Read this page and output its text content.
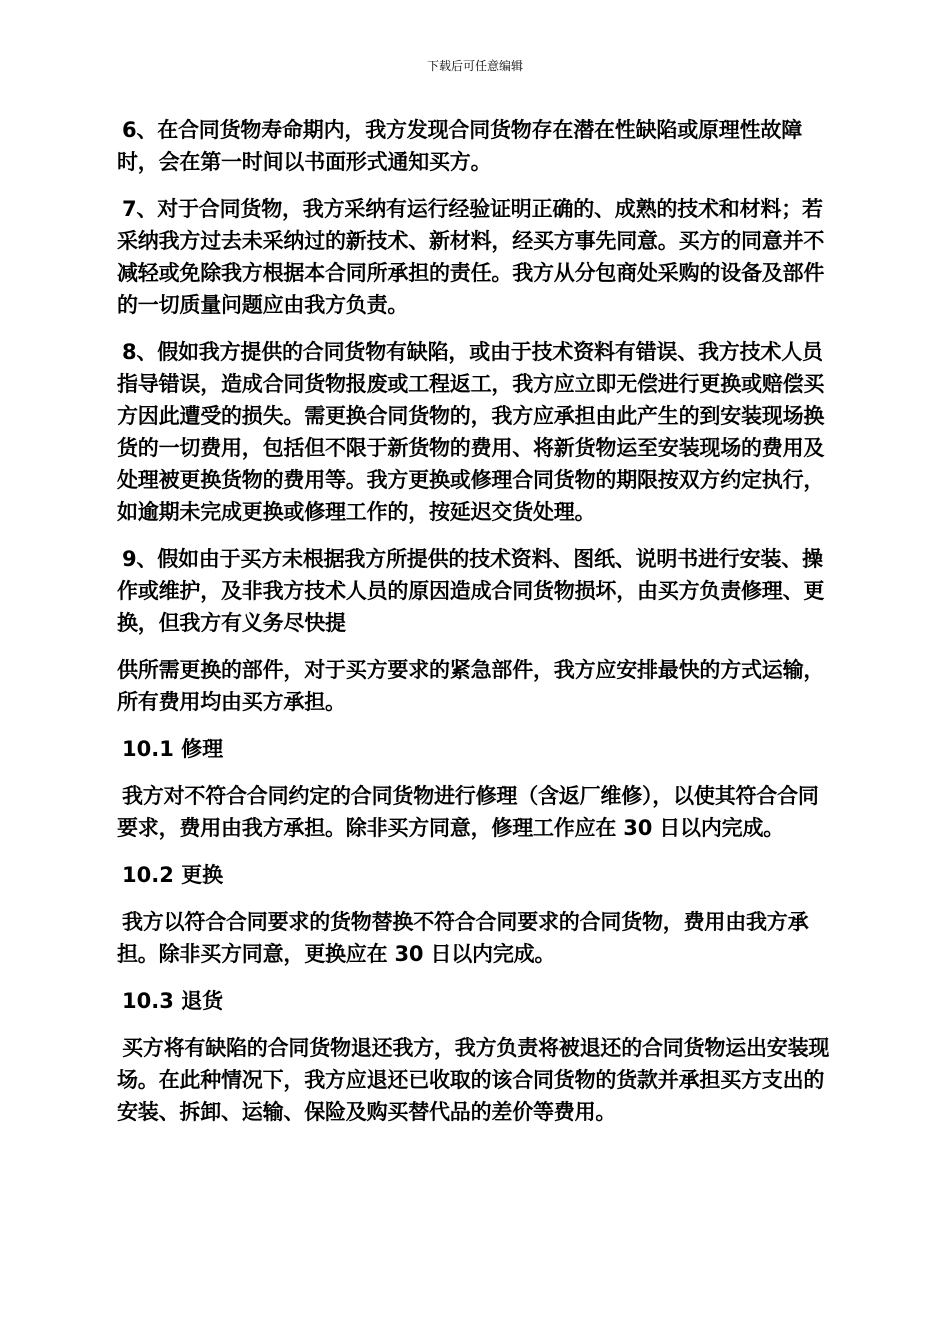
下载后可任意编辑

6、在合同货物寿命期内，我方发现合同货物存在潜在性缺陷或原理性故障时，会在第一时间以书面形式通知买方。

7、对于合同货物，我方采纳有运行经验证明正确的、成熟的技术和材料；若采纳我方过去未采纳过的新技术、新材料，经买方事先同意。买方的同意并不减轻或免除我方根据本合同所承担的责任。我方从分包商处采购的设备及部件的一切质量问题应由我方负责。

8、假如我方提供的合同货物有缺陷，或由于技术资料有错误、我方技术人员指导错误，造成合同货物报废或工程返工，我方应立即无偿进行更换或赔偿买方因此遭受的损失。需更换合同货物的，我方应承担由此产生的到安装现场换货的一切费用，包括但不限于新货物的费用、将新货物运至安装现场的费用及处理被更换货物的费用等。我方更换或修理合同货物的期限按双方约定执行，如逾期未完成更换或修理工作的，按延迟交货处理。

9、假如由于买方未根据我方所提供的技术资料、图纸、说明书进行安装、操作或维护，及非我方技术人员的原因造成合同货物损坏，由买方负责修理、更换，但我方有义务尽快提

供所需更换的部件，对于买方要求的紧急部件，我方应安排最快的方式运输，所有费用均由买方承担。

10.1 修理

我方对不符合合同约定的合同货物进行修理（含返厂维修），以使其符合合同要求，费用由我方承担。除非买方同意，修理工作应在 30 日以内完成。

10.2 更换

我方以符合合同要求的货物替换不符合合同要求的合同货物，费用由我方承担。除非买方同意，更换应在 30 日以内完成。

10.3 退货

买方将有缺陷的合同货物退还我方，我方负责将被退还的合同货物运出安装现场。在此种情况下，我方应退还已收取的该合同货物的货款并承担买方支出的安装、拆卸、运输、保险及购买替代品的差价等费用。
